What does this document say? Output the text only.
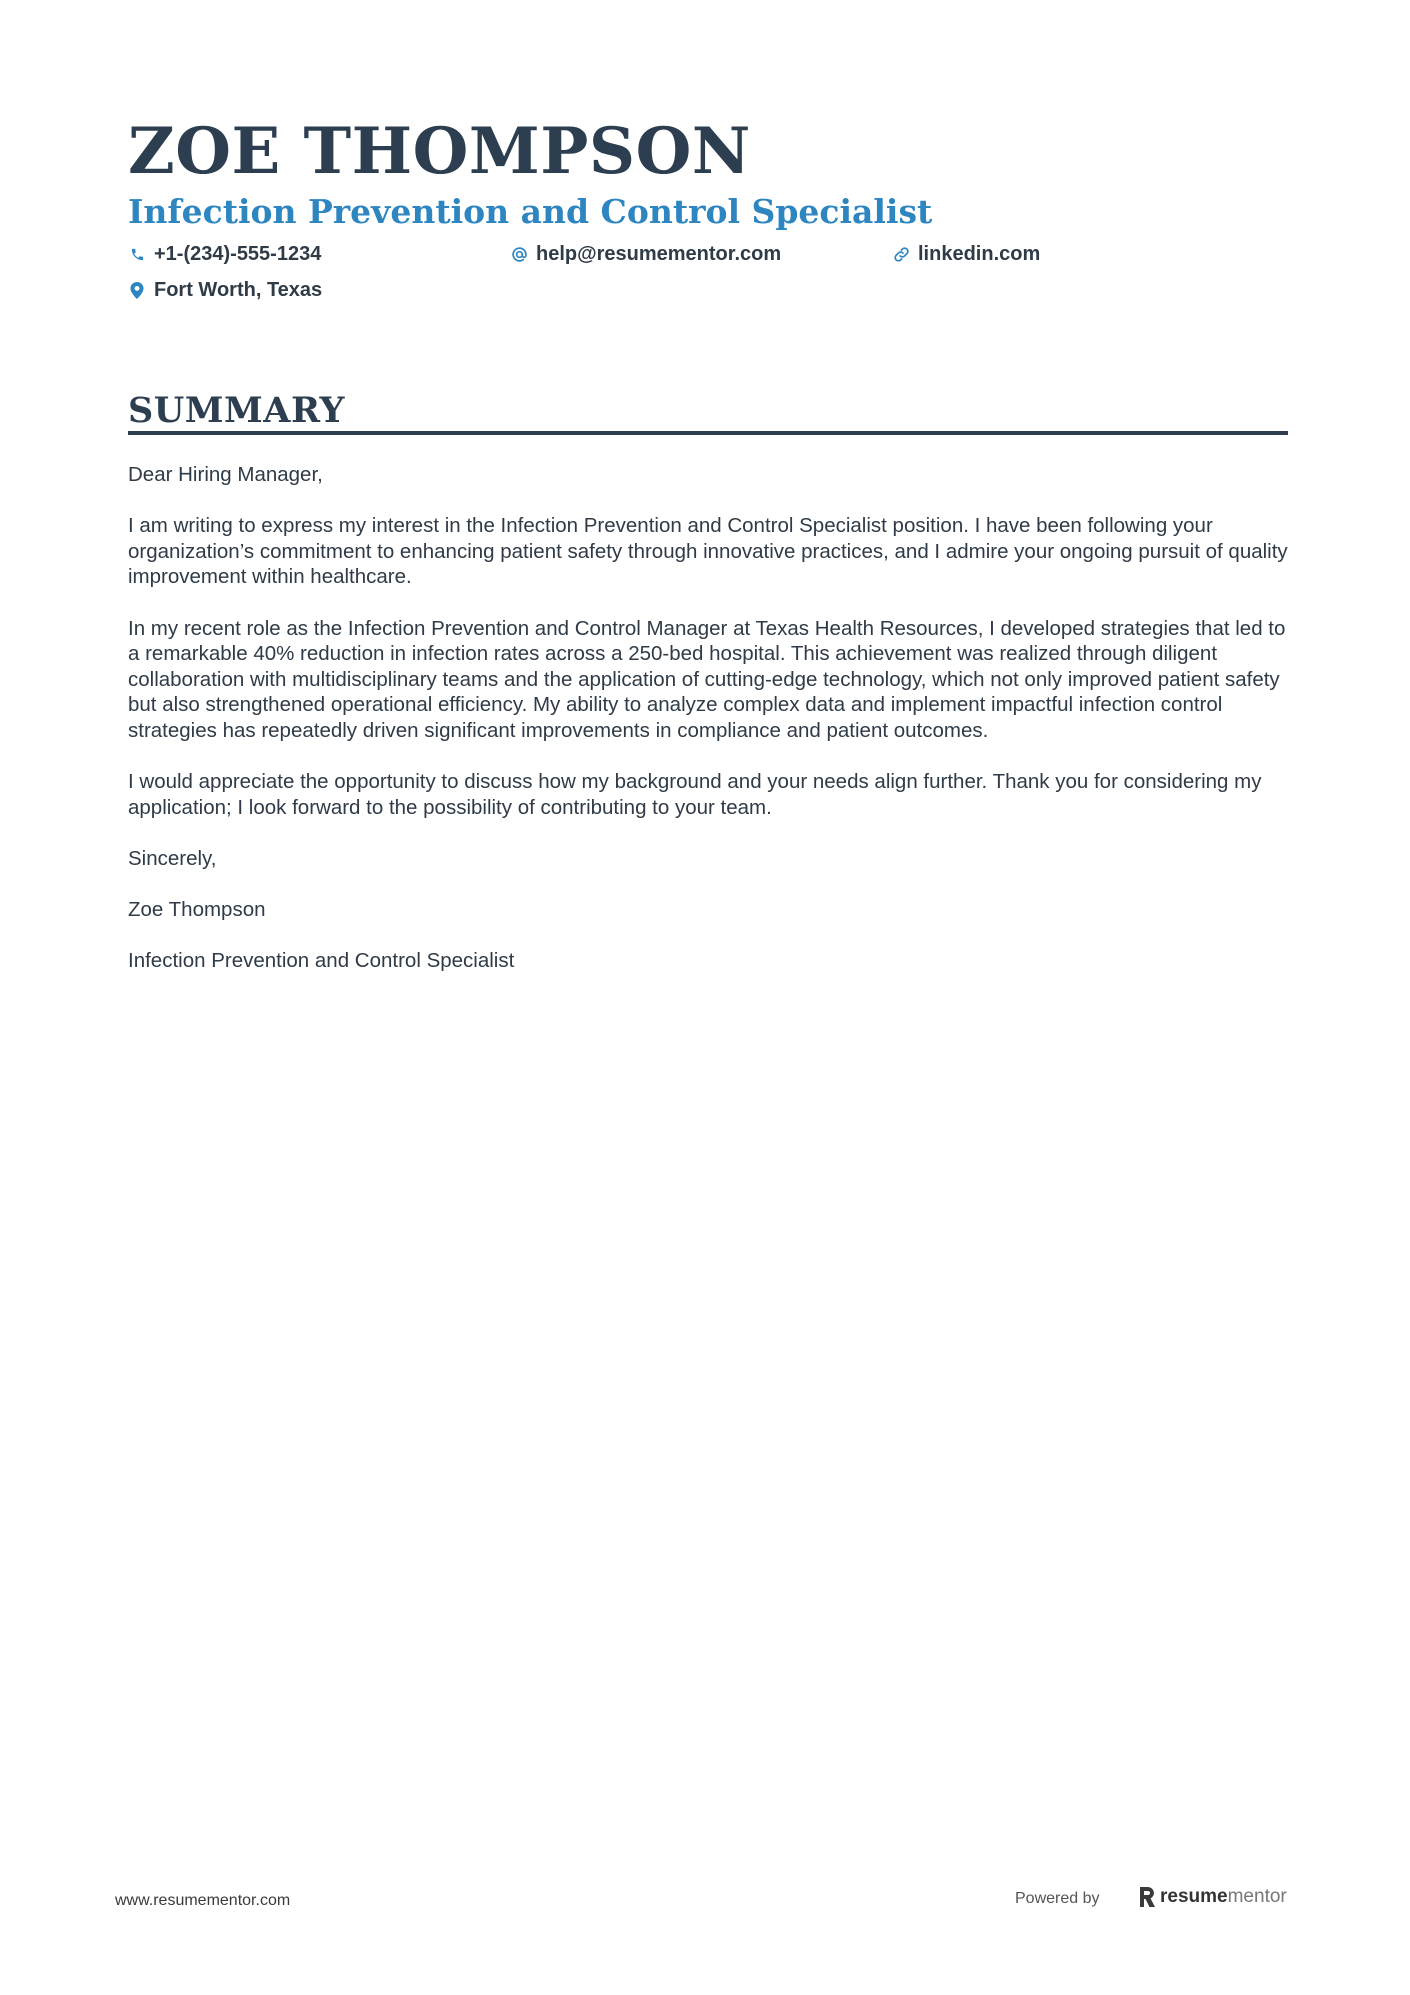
ZOE THOMPSON
Infection Prevention and Control Specialist
+1-(234)-555-1234	help@resumementor.com	linkedin.com
Fort Worth, Texas
SUMMARY

Dear Hiring Manager,

I am writing to express my interest in the Infection Prevention and Control Specialist position. I have been following your organization’s commitment to enhancing patient safety through innovative practices, and I admire your ongoing pursuit of quality improvement within healthcare.

In my recent role as the Infection Prevention and Control Manager at Texas Health Resources, I developed strategies that led to a remarkable 40% reduction in infection rates across a 250-bed hospital. This achievement was realized through diligent collaboration with multidisciplinary teams and the application of cutting-edge technology, which not only improved patient safety but also strengthened operational efficiency. My ability to analyze complex data and implement impactful infection control strategies has repeatedly driven significant improvements in compliance and patient outcomes.

I would appreciate the opportunity to discuss how my background and your needs align further. Thank you for considering my application; I look forward to the possibility of contributing to your team.

Sincerely,

Zoe Thompson

Infection Prevention and Control Specialist

www.resumementor.com	Powered by	resume mentor
